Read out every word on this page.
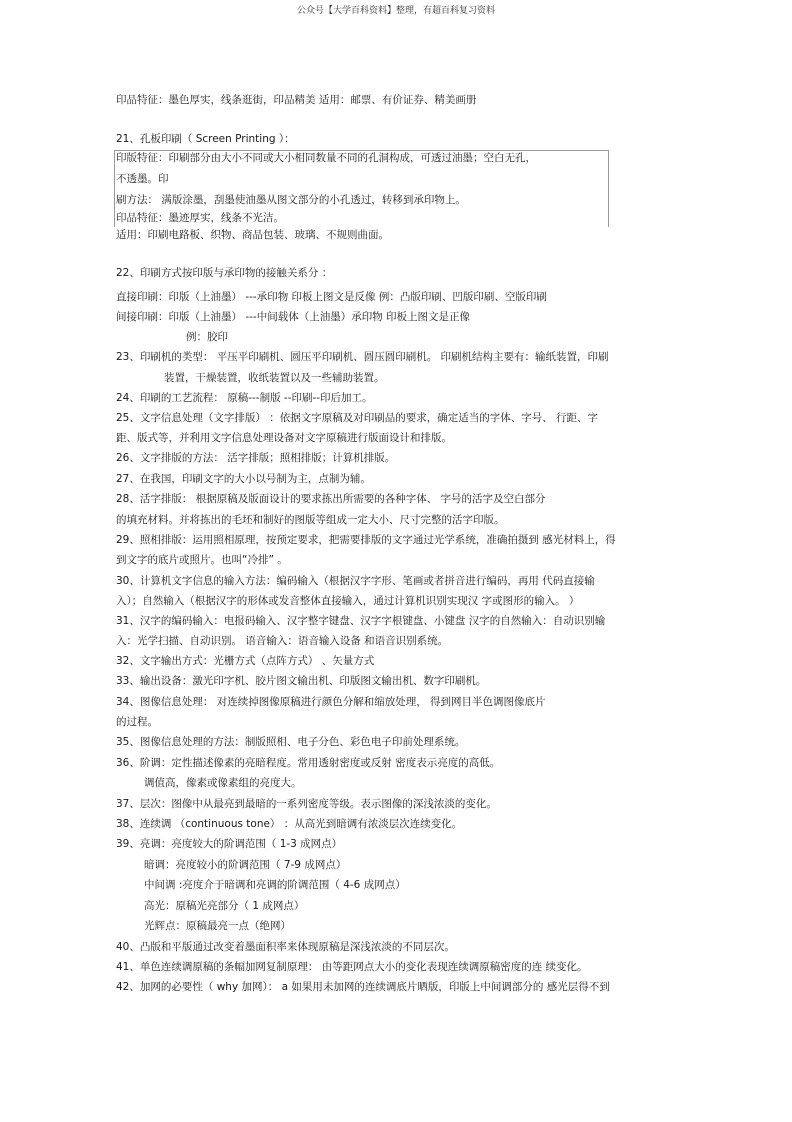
公众号【大学百科资料】整理，有超百科复习资料
印品特征：墨色厚实，线条逛街，印品精美 适用：邮票、有价证券、精美画册
21、孔板印刷（ Screen Printing ）：
印版特征：印刷部分由大小不同或大小相同数量不同的孔洞构成，可透过油墨；空白无孔，
不透墨。印
刷方法： 满版涂墨，刮墨使油墨从图文部分的小孔透过，转移到承印物上。
印品特征：墨迹厚实，线条不光洁。
适用：印刷电路板、织物、商品包装、玻璃、不规则曲面。
22、印刷方式按印版与承印物的接触关系分 ：
直接印刷：印版（上油墨） ---承印物 印板上图文是反像 例：凸版印刷、凹版印刷、空版印刷
间接印刷：印版（上油墨） ---中间载体（上油墨）承印物 印板上图文是正像
例：胶印
23、印刷机的类型： 平压平印刷机、圆压平印刷机、圆压圆印刷机。 印刷机结构主要有：输纸装置，印刷
装置，干燥装置，收纸装置以及一些辅助装置。
24、印刷的工艺流程： 原稿---制版 --印刷--印后加工。
25、文字信息处理（文字排版） ：依据文字原稿及对印刷品的要求，确定适当的字体、字号、 行距、字
距、版式等，并利用文字信息处理设备对文字原稿进行版面设计和排版。
26、文字排版的方法： 活字排版；照相排版；计算机排版。
27、在我国，印刷文字的大小以号制为主，点制为辅。
28、活字排版： 根据原稿及版面设计的要求拣出所需要的各种字体、 字号的活字及空白部分
的填充材料。并将拣出的毛坯和制好的图版等组成一定大小、尺寸完整的活字印版。
29、照相排版：运用照相原理，按预定要求，把需要排版的文字通过光学系统，准确拍摄到 感光材料上，得
到文字的底片或照片。也叫“冷排” 。
30、计算机文字信息的输入方法：编码输入（根据汉字字形、笔画或者拼音进行编码，再用 代码直接输
入）；自然输入（根据汉字的形体或发音整体直接输入，通过计算机识别实现汉 字或图形的输入。 ）
31、汉字的编码输入：电报码输入、汉字整字键盘、汉字字根键盘、小键盘 汉字的自然输入：自动识别输
入：光学扫描、自动识别。 语音输入：语音输入设备 和语音识别系统。
32、文字输出方式：光栅方式（点阵方式） 、矢量方式
33、输出设备：激光印字机、胶片图文输出机、印版图文输出机、数字印刷机。
34、图像信息处理： 对连续掉图像原稿进行颜色分解和缩放处理， 得到网目半色调图像底片
的过程。
35、图像信息处理的方法：制版照相、电子分色、彩色电子印前处理系统。
36、阶调：定性描述像素的亮暗程度。常用透射密度或反射 密度表示亮度的高低。
调值高，像素或像素组的亮度大。
37、层次：图像中从最亮到最暗的一系列密度等级。表示图像的深浅浓淡的变化。
38、连续调 （continuous tone） ：从高光到暗调有浓淡层次连续变化。
39、亮调：亮度较大的阶调范围（ 1-3 成网点）
暗调：亮度较小的阶调范围（ 7-9 成网点）
中间调 :亮度介于暗调和亮调的阶调范围（ 4-6 成网点）
高光：原稿光亮部分（ 1 成网点）
光辉点：原稿最亮一点（绝网）
40、凸版和平版通过改变着墨面积率来体现原稿是深浅浓淡的不同层次。
41、单色连续调原稿的条幅加网复制原理： 由等距网点大小的变化表现连续调原稿密度的连 续变化。
42、加网的必要性（ why 加网）： a 如果用未加网的连续调底片晒版，印版上中间调部分的 感光层得不到
